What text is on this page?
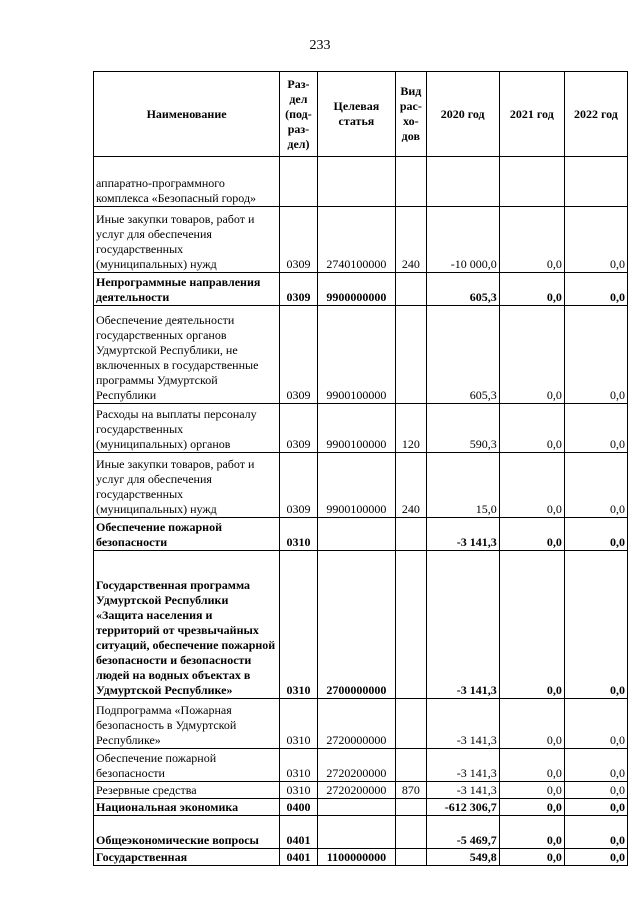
233
Наименование	Раз-дел (под-раз-дел)	Целевая статья	Вид рас-хо-дов	2020 год	2021 год	2022 год
аппаратно-программного комплекса «Безопасный город»						
Иные закупки товаров, работ и услуг для обеспечения государственных (муниципальных) нужд	0309	2740100000	240	-10 000,0	0,0	0,0
Непрограммные направления деятельности	0309	9900000000		605,3	0,0	0,0
Обеспечение деятельности государственных органов Удмуртской Республики, не включенных в государственные программы Удмуртской Республики	0309	9900100000		605,3	0,0	0,0
Расходы на выплаты персоналу государственных (муниципальных) органов	0309	9900100000	120	590,3	0,0	0,0
Иные закупки товаров, работ и услуг для обеспечения государственных (муниципальных) нужд	0309	9900100000	240	15,0	0,0	0,0
Обеспечение пожарной безопасности	0310			-3 141,3	0,0	0,0
Государственная программа Удмуртской Республики «Защита населения и территорий от чрезвычайных ситуаций, обеспечение пожарной безопасности и безопасности людей на водных объектах в Удмуртской Республике»	0310	2700000000		-3 141,3	0,0	0,0
Подпрограмма «Пожарная безопасность в Удмуртской Республике»	0310	2720000000		-3 141,3	0,0	0,0
Обеспечение пожарной безопасности	0310	2720200000		-3 141,3	0,0	0,0
Резервные средства	0310	2720200000	870	-3 141,3	0,0	0,0
Национальная экономика	0400			-612 306,7	0,0	0,0
Общеэкономические вопросы	0401			-5 469,7	0,0	0,0
Государственная	0401	1100000000		549,8	0,0	0,0
